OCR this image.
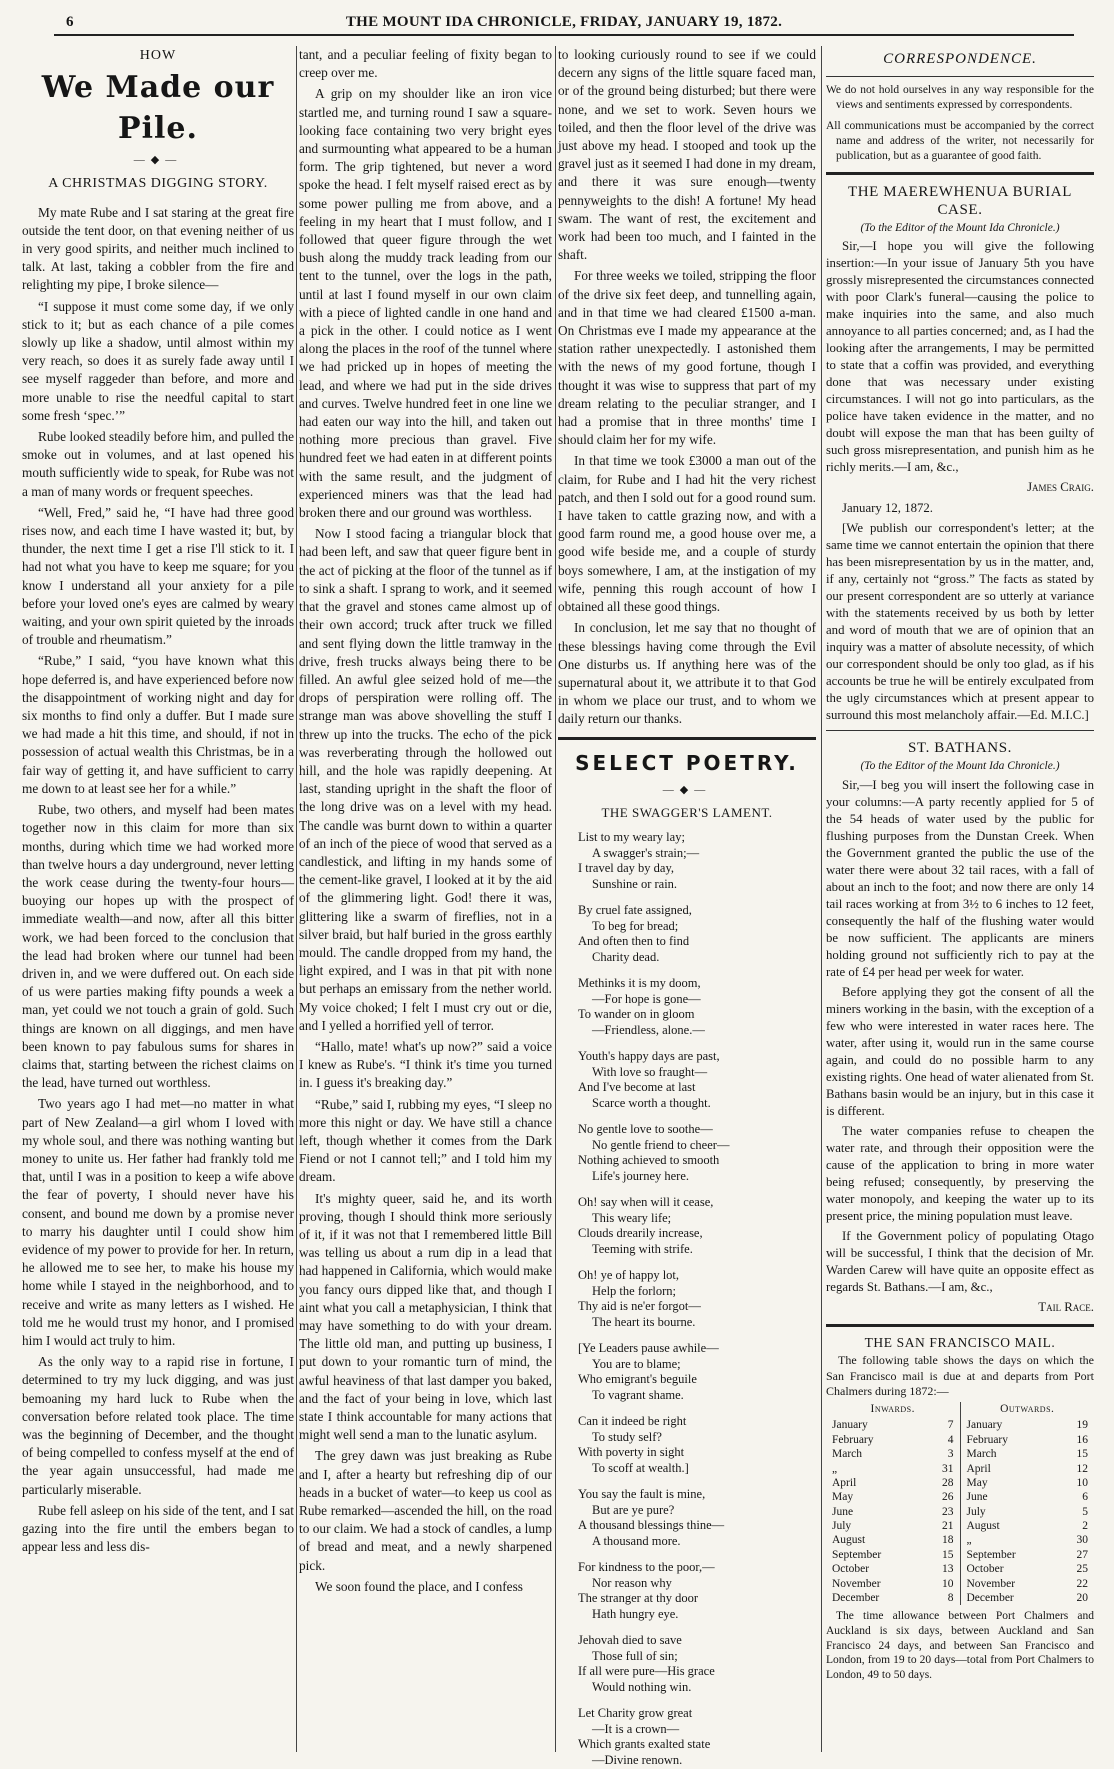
6	THE MOUNT IDA CHRONICLE, FRIDAY, JANUARY 19, 1872.
HOW
We Made our Pile.
—◆—
A CHRISTMAS DIGGING STORY.

My mate Rube and I sat staring at the great fire outside the tent door, on that evening neither of us in very good spirits, and neither much inclined to talk. At last, taking a cobbler from the fire and relighting my pipe, I broke silence—

“I suppose it must come some day, if we only stick to it; but as each chance of a pile comes slowly up like a shadow, until almost within my very reach, so does it as surely fade away until I see myself raggeder than before, and more and more unable to rise the needful capital to start some fresh ‘spec.’”

Rube looked steadily before him, and pulled the smoke out in volumes, and at last opened his mouth sufficiently wide to speak, for Rube was not a man of many words or frequent speeches.

“Well, Fred,” said he, “I have had three good rises now, and each time I have wasted it; but, by thunder, the next time I get a rise I'll stick to it. I had not what you have to keep me square; for you know I understand all your anxiety for a pile before your loved one's eyes are calmed by weary waiting, and your own spirit quieted by the inroads of trouble and rheumatism.”

“Rube,” I said, “you have known what this hope deferred is, and have experienced before now the disappointment of working night and day for six months to find only a duffer. But I made sure we had made a hit this time, and should, if not in possession of actual wealth this Christmas, be in a fair way of getting it, and have sufficient to carry me down to at least see her for a while.”

Rube, two others, and myself had been mates together now in this claim for more than six months, during which time we had worked more than twelve hours a day underground, never letting the work cease during the twenty-four hours—buoying our hopes up with the prospect of immediate wealth—and now, after all this bitter work, we had been forced to the conclusion that the lead had broken where our tunnel had been driven in, and we were duffered out. On each side of us were parties making fifty pounds a week a man, yet could we not touch a grain of gold. Such things are known on all diggings, and men have been known to pay fabulous sums for shares in claims that, starting between the richest claims on the lead, have turned out worthless.

Two years ago I had met—no matter in what part of New Zealand—a girl whom I loved with my whole soul, and there was nothing wanting but money to unite us. Her father had frankly told me that, until I was in a position to keep a wife above the fear of poverty, I should never have his consent, and bound me down by a promise never to marry his daughter until I could show him evidence of my power to provide for her. In return, he allowed me to see her, to make his house my home while I stayed in the neighborhood, and to receive and write as many letters as I wished. He told me he would trust my honor, and I promised him I would act truly to him.

As the only way to a rapid rise in fortune, I determined to try my luck digging, and was just bemoaning my hard luck to Rube when the conversation before related took place. The time was the beginning of December, and the thought of being compelled to confess myself at the end of the year again unsuccessful, had made me particularly miserable.

Rube fell asleep on his side of the tent, and I sat gazing into the fire until the embers began to appear less and less dis-

tant, and a peculiar feeling of fixity began to creep over me.

A grip on my shoulder like an iron vice startled me, and turning round I saw a square-looking face containing two very bright eyes and surmounting what appeared to be a human form. The grip tightened, but never a word spoke the head. I felt myself raised erect as by some power pulling me from above, and a feeling in my heart that I must follow, and I followed that queer figure through the wet bush along the muddy track leading from our tent to the tunnel, over the logs in the path, until at last I found myself in our own claim with a piece of lighted candle in one hand and a pick in the other. I could notice as I went along the places in the roof of the tunnel where we had pricked up in hopes of meeting the lead, and where we had put in the side drives and curves. Twelve hundred feet in one line we had eaten our way into the hill, and taken out nothing more precious than gravel. Five hundred feet we had eaten in at different points with the same result, and the judgment of experienced miners was that the lead had broken there and our ground was worthless.

Now I stood facing a triangular block that had been left, and saw that queer figure bent in the act of picking at the floor of the tunnel as if to sink a shaft. I sprang to work, and it seemed that the gravel and stones came almost up of their own accord; truck after truck we filled and sent flying down the little tramway in the drive, fresh trucks always being there to be filled. An awful glee seized hold of me—the drops of perspiration were rolling off. The strange man was above shovelling the stuff I threw up into the trucks. The echo of the pick was reverberating through the hollowed out hill, and the hole was rapidly deepening. At last, standing upright in the shaft the floor of the long drive was on a level with my head. The candle was burnt down to within a quarter of an inch of the piece of wood that served as a candlestick, and lifting in my hands some of the cement-like gravel, I looked at it by the aid of the glimmering light. God! there it was, glittering like a swarm of fireflies, not in a silver braid, but half buried in the gross earthly mould. The candle dropped from my hand, the light expired, and I was in that pit with none but perhaps an emissary from the nether world. My voice choked; I felt I must cry out or die, and I yelled a horrified yell of terror.

“Hallo, mate! what's up now?” said a voice I knew as Rube's. “I think it's time you turned in. I guess it's breaking day.”

“Rube,” said I, rubbing my eyes, “I sleep no more this night or day. We have still a chance left, though whether it comes from the Dark Fiend or not I cannot tell;” and I told him my dream.

It's mighty queer, said he, and its worth proving, though I should think more seriously of it, if it was not that I remembered little Bill was telling us about a rum dip in a lead that had happened in California, which would make you fancy ours dipped like that, and though I aint what you call a metaphysician, I think that may have something to do with your dream. The little old man, and putting up business, I put down to your romantic turn of mind, the awful heaviness of that last damper you baked, and the fact of your being in love, which last state I think accountable for many actions that might well send a man to the lunatic asylum.

The grey dawn was just breaking as Rube and I, after a hearty but refreshing dip of our heads in a bucket of water—to keep us cool as Rube remarked—ascended the hill, on the road to our claim. We had a stock of candles, a lump of bread and meat, and a newly sharpened pick.

We soon found the place, and I confess

to looking curiously round to see if we could decern any signs of the little square faced man, or of the ground being disturbed; but there were none, and we set to work. Seven hours we toiled, and then the floor level of the drive was just above my head. I stooped and took up the gravel just as it seemed I had done in my dream, and there it was sure enough—twenty pennyweights to the dish! A fortune! My head swam. The want of rest, the excitement and work had been too much, and I fainted in the shaft.

For three weeks we toiled, stripping the floor of the drive six feet deep, and tunnelling again, and in that time we had cleared £1500 a-man. On Christmas eve I made my appearance at the station rather unexpectedly. I astonished them with the news of my good fortune, though I thought it was wise to suppress that part of my dream relating to the peculiar stranger, and I had a promise that in three months' time I should claim her for my wife.

In that time we took £3000 a man out of the claim, for Rube and I had hit the very richest patch, and then I sold out for a good round sum. I have taken to cattle grazing now, and with a good farm round me, a good house over me, a good wife beside me, and a couple of sturdy boys somewhere, I am, at the instigation of my wife, penning this rough account of how I obtained all these good things.

In conclusion, let me say that no thought of these blessings having come through the Evil One disturbs us. If anything here was of the supernatural about it, we attribute it to that God in whom we place our trust, and to whom we daily return our thanks.

SELECT POETRY.
—◆—
THE SWAGGER'S LAMENT.
List to my weary lay;
A swagger's strain;—
I travel day by day,
Sunshine or rain.
By cruel fate assigned,
To beg for bread;
And often then to find
Charity dead.
Methinks it is my doom,
—For hope is gone—
To wander on in gloom
—Friendless, alone.—
Youth's happy days are past,
With love so fraught—
And I've become at last
Scarce worth a thought.
No gentle love to soothe—
No gentle friend to cheer—
Nothing achieved to smooth
Life's journey here.
Oh! say when will it cease,
This weary life;
Clouds drearily increase,
Teeming with strife.
Oh! ye of happy lot,
Help the forlorn;
Thy aid is ne'er forgot—
The heart its bourne.
[Ye Leaders pause awhile—
You are to blame;
Who emigrant's beguile
To vagrant shame.
Can it indeed be right
To study self?
With poverty in sight
To scoff at wealth.]
You say the fault is mine,
But are ye pure?
A thousand blessings thine—
A thousand more.
For kindness to the poor,—
Nor reason why
The stranger at thy door
Hath hungry eye.
Jehovah died to save
Those full of sin;
If all were pure—His grace
Would nothing win.
Let Charity grow great
—It is a crown—
Which grants exalted state
—Divine renown.
CORRESPONDENCE.
We do not hold ourselves in any way responsible for the views and sentiments expressed by correspondents.
All communications must be accompanied by the correct name and address of the writer, not necessarily for publication, but as a guarantee of good faith.
THE MAEREWHENUA BURIAL CASE.
(To the Editor of the Mount Ida Chronicle.)

Sir,—I hope you will give the following insertion:—In your issue of January 5th you have grossly misrepresented the circumstances connected with poor Clark's funeral—causing the police to make inquiries into the same, and also much annoyance to all parties concerned; and, as I had the looking after the arrangements, I may be permitted to state that a coffin was provided, and everything done that was necessary under existing circumstances. I will not go into particulars, as the police have taken evidence in the matter, and no doubt will expose the man that has been guilty of such gross misrepresentation, and punish him as he richly merits.—I am, &c.,

James Craig.

January 12, 1872.

[We publish our correspondent's letter; at the same time we cannot entertain the opinion that there has been misrepresentation by us in the matter, and, if any, certainly not “gross.” The facts as stated by our present correspondent are so utterly at variance with the statements received by us both by letter and word of mouth that we are of opinion that an inquiry was a matter of absolute necessity, of which our correspondent should be only too glad, as if his accounts be true he will be entirely exculpated from the ugly circumstances which at present appear to surround this most melancholy affair.—Ed. M.I.C.]

ST. BATHANS.
(To the Editor of the Mount Ida Chronicle.)

Sir,—I beg you will insert the following case in your columns:—A party recently applied for 5 of the 54 heads of water used by the public for flushing purposes from the Dunstan Creek. When the Government granted the public the use of the water there were about 32 tail races, with a fall of about an inch to the foot; and now there are only 14 tail races working at from 3½ to 6 inches to 12 feet, consequently the half of the flushing water would be now sufficient. The applicants are miners holding ground not sufficiently rich to pay at the rate of £4 per head per week for water.

Before applying they got the consent of all the miners working in the basin, with the exception of a few who were interested in water races here. The water, after using it, would run in the same course again, and could do no possible harm to any existing rights. One head of water alienated from St. Bathans basin would be an injury, but in this case it is different.

The water companies refuse to cheapen the water rate, and through their opposition were the cause of the application to bring in more water being refused; consequently, by preserving the water monopoly, and keeping the water up to its present price, the mining population must leave.

If the Government policy of populating Otago will be successful, I think that the decision of Mr. Warden Carew will have quite an opposite effect as regards St. Bathans.—I am, &c.,

Tail Race.
THE SAN FRANCISCO MAIL.
The following table shows the days on which the San Francisco mail is due at and departs from Port Chalmers during 1872:—
Inwards.
January	7
February	4
March	3
„	31
April	28
May	26
June	23
July	21
August	18
September	15
October	13
November	10
December	8
Outwards.
January	19
February	16
March	15
April	12
May	10
June	6
July	5
August	2
„	30
September	27
October	25
November	22
December	20
The time allowance between Port Chalmers and Auckland is six days, between Auckland and San Francisco 24 days, and between San Francisco and London, from 19 to 20 days—total from Port Chalmers to London, 49 to 50 days.
